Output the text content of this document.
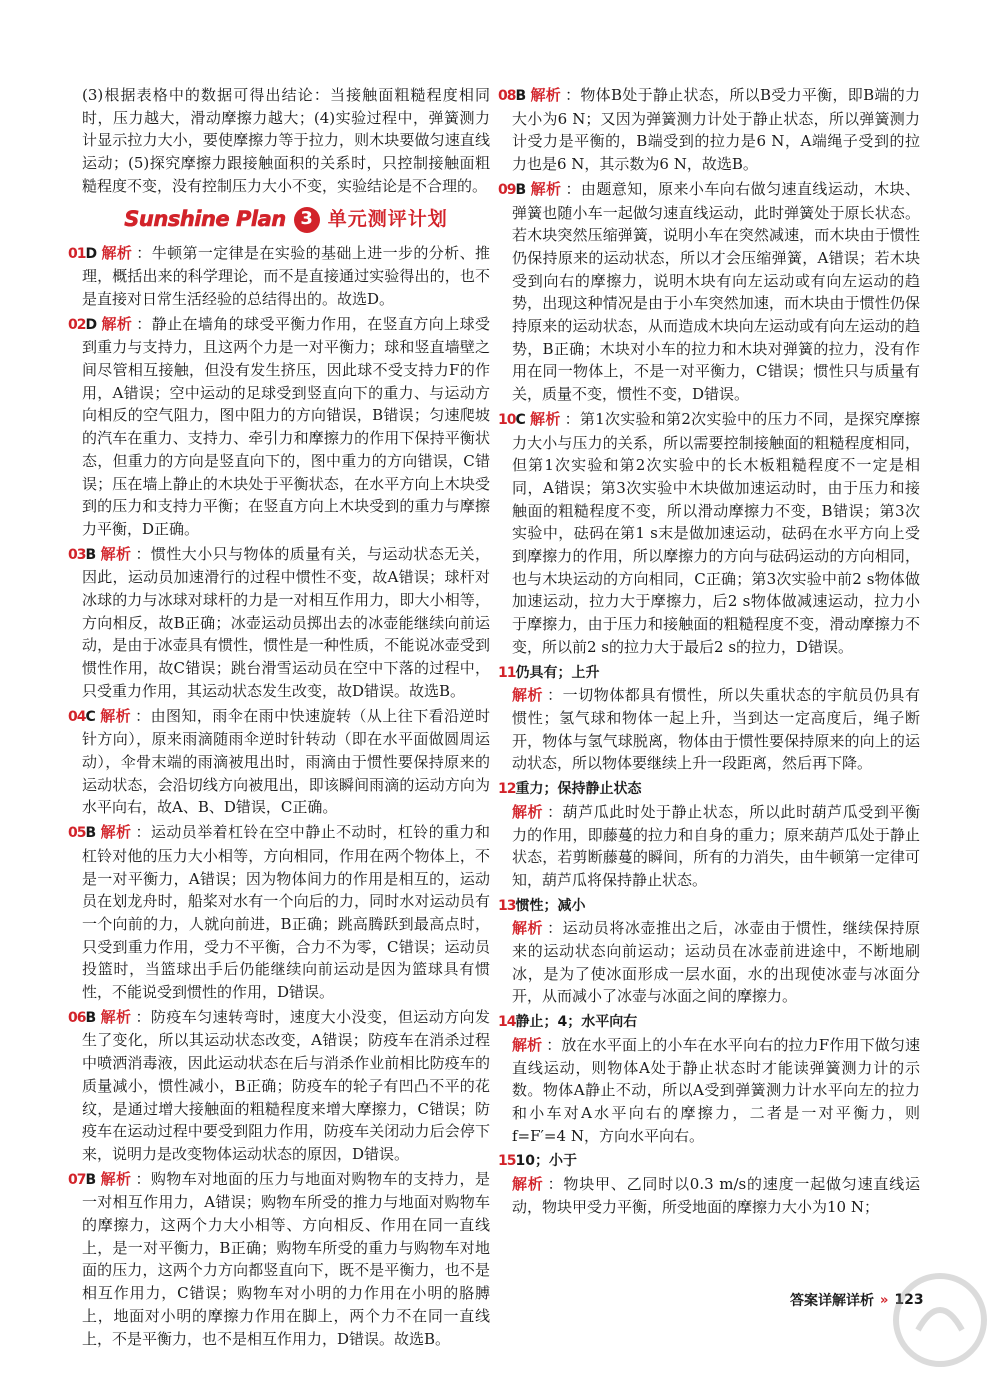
(3)根据表格中的数据可得出结论：当接触面粗糙程度相同时，压力越大，滑动摩擦力越大；(4)实验过程中，弹簧测力计显示拉力大小，要使摩擦力等于拉力，则木块要做匀速直线运动；(5)探究摩擦力跟接触面积的关系时，只控制接触面粗糙程度不变，没有控制压力大小不变，实验结论是不合理的。
Sunshine Plan 3 单元测评计划
01D 解析 ：牛顿第一定律是在实验的基础上进一步的分析、推理，概括出来的科学理论，而不是直接通过实验得出的，也不是直接对日常生活经验的总结得出的。故选D。
02D 解析 ：静止在墙角的球受平衡力作用，在竖直方向上球受到重力与支持力，且这两个力是一对平衡力；球和竖直墙壁之间尽管相互接触，但没有发生挤压，因此球不受支持力F的作用，A错误；空中运动的足球受到竖直向下的重力、与运动方向相反的空气阻力，图中阻力的方向错误，B错误；匀速爬坡的汽车在重力、支持力、牵引力和摩擦力的作用下保持平衡状态，但重力的方向是竖直向下的，图中重力的方向错误，C错误；压在墙上静止的木块处于平衡状态，在水平方向上木块受到的压力和支持力平衡；在竖直方向上木块受到的重力与摩擦力平衡，D正确。
03B 解析 ：惯性大小只与物体的质量有关，与运动状态无关，因此，运动员加速滑行的过程中惯性不变，故A错误；球杆对冰球的力与冰球对球杆的力是一对相互作用力，即大小相等，方向相反，故B正确；冰壶运动员掷出去的冰壶能继续向前运动，是由于冰壶具有惯性，惯性是一种性质，不能说冰壶受到惯性作用，故C错误；跳台滑雪运动员在空中下落的过程中，只受重力作用，其运动状态发生改变，故D错误。故选B。
04C 解析 ：由图知，雨伞在雨中快速旋转（从上往下看沿逆时针方向），原来雨滴随雨伞逆时针转动（即在水平面做圆周运动），伞骨末端的雨滴被甩出时，雨滴由于惯性要保持原来的运动状态，会沿切线方向被甩出，即该瞬间雨滴的运动方向为水平向右，故A、B、D错误，C正确。
05B 解析 ：运动员举着杠铃在空中静止不动时，杠铃的重力和杠铃对他的压力大小相等，方向相同，作用在两个物体上，不是一对平衡力，A错误；因为物体间力的作用是相互的，运动员在划龙舟时，船桨对水有一个向后的力，同时水对运动员有一个向前的力，人就向前进，B正确；跳高腾跃到最高点时，只受到重力作用，受力不平衡，合力不为零，C错误；运动员投篮时，当篮球出手后仍能继续向前运动是因为篮球具有惯性，不能说受到惯性的作用，D错误。
06B 解析 ：防疫车匀速转弯时，速度大小没变，但运动方向发生了变化，所以其运动状态改变，A错误；防疫车在消杀过程中喷洒消毒液，因此运动状态在后与消杀作业前相比防疫车的质量减小，惯性减小，B正确；防疫车的轮子有凹凸不平的花纹，是通过增大接触面的粗糙程度来增大摩擦力，C错误；防疫车在运动过程中要受到阻力作用，防疫车关闭动力后会停下来，说明力是改变物体运动状态的原因，D错误。
07B 解析 ：购物车对地面的压力与地面对购物车的支持力，是一对相互作用力，A错误；购物车所受的推力与地面对购物车的摩擦力，这两个力大小相等、方向相反、作用在同一直线上，是一对平衡力，B正确；购物车所受的重力与购物车对地面的压力，这两个力方向都竖直向下，既不是平衡力，也不是相互作用力，C错误；购物车对小明的力作用在小明的胳膊上，地面对小明的摩擦力作用在脚上，两个力不在同一直线上，不是平衡力，也不是相互作用力，D错误。故选B。
08B 解析 ：物体B处于静止状态，所以B受力平衡，即B端的力大小为6 N；又因为弹簧测力计处于静止状态，所以弹簧测力计受力是平衡的，B端受到的拉力是6 N，A端绳子受到的拉力也是6 N，其示数为6 N，故选B。
09B 解析 ：由题意知，原来小车向右做匀速直线运动，木块、弹簧也随小车一起做匀速直线运动，此时弹簧处于原长状态。若木块突然压缩弹簧，说明小车在突然减速，而木块由于惯性仍保持原来的运动状态，所以才会压缩弹簧，A错误；若木块受到向右的摩擦力，说明木块有向左运动或有向左运动的趋势，出现这种情况是由于小车突然加速，而木块由于惯性仍保持原来的运动状态，从而造成木块向左运动或有向左运动的趋势，B正确；木块对小车的拉力和木块对弹簧的拉力，没有作用在同一物体上，不是一对平衡力，C错误；惯性只与质量有关，质量不变，惯性不变，D错误。
10C 解析 ：第1次实验和第2次实验中的压力不同，是探究摩擦力大小与压力的关系，所以需要控制接触面的粗糙程度相同，但第1次实验和第2次实验中的长木板粗糙程度不一定是相同，A错误；第3次实验中木块做加速运动时，由于压力和接触面的粗糙程度不变，所以滑动摩擦力不变，B错误；第3次实验中，砝码在第1 s末是做加速运动，砝码在水平方向上受到摩擦力的作用，所以摩擦力的方向与砝码运动的方向相同，也与木块运动的方向相同，C正确；第3次实验中前2 s物体做加速运动，拉力大于摩擦力，后2 s物体做减速运动，拉力小于摩擦力，由于压力和接触面的粗糙程度不变，滑动摩擦力不变，所以前2 s的拉力大于最后2 s的拉力，D错误。
11仍具有；上升
解析 ：一切物体都具有惯性，所以失重状态的宇航员仍具有惯性；氢气球和物体一起上升，当到达一定高度后，绳子断开，物体与氢气球脱离，物体由于惯性要保持原来的向上的运动状态，所以物体要继续上升一段距离，然后再下降。
12重力；保持静止状态
解析 ：葫芦瓜此时处于静止状态，所以此时葫芦瓜受到平衡力的作用，即藤蔓的拉力和自身的重力；原来葫芦瓜处于静止状态，若剪断藤蔓的瞬间，所有的力消失，由牛顿第一定律可知，葫芦瓜将保持静止状态。
13惯性；减小
解析 ：运动员将冰壶推出之后，冰壶由于惯性，继续保持原来的运动状态向前运动；运动员在冰壶前进途中，不断地刷冰，是为了使冰面形成一层水面，水的出现使冰壶与冰面分开，从而减小了冰壶与冰面之间的摩擦力。
14静止；4；水平向右
解析 ：放在水平面上的小车在水平向右的拉力F作用下做匀速直线运动，则物体A处于静止状态时才能读弹簧测力计的示数。物体A静止不动，所以A受到弹簧测力计水平向左的拉力和小车对A水平向右的摩擦力，二者是一对平衡力，则 f=F′=4 N，方向水平向右。
1510；小于
解析 ：物块甲、乙同时以0.3 m/s的速度一起做匀速直线运动，物块甲受力平衡，所受地面的摩擦力大小为10 N；
答案详解详析 » 123
